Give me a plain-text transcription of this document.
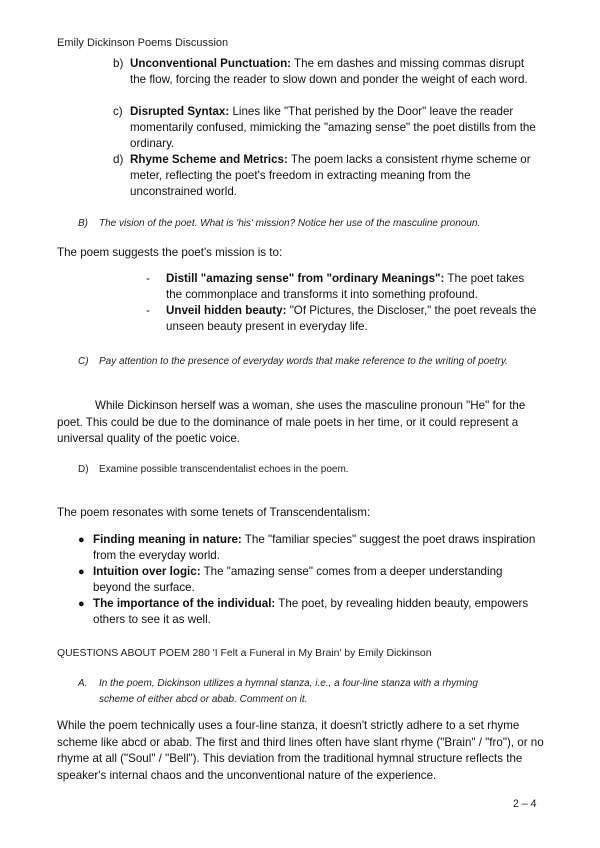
Emily Dickinson Poems Discussion
b) Unconventional Punctuation: The em dashes and missing commas disrupt the flow, forcing the reader to slow down and ponder the weight of each word.
c) Disrupted Syntax: Lines like "That perished by the Door" leave the reader momentarily confused, mimicking the "amazing sense" the poet distills from the ordinary.
d) Rhyme Scheme and Metrics: The poem lacks a consistent rhyme scheme or meter, reflecting the poet's freedom in extracting meaning from the unconstrained world.
B) The vision of the poet. What is 'his' mission? Notice her use of the masculine pronoun.
The poem suggests the poet's mission is to:
- Distill "amazing sense" from "ordinary Meanings": The poet takes the commonplace and transforms it into something profound.
- Unveil hidden beauty: "Of Pictures, the Discloser," the poet reveals the unseen beauty present in everyday life.
C) Pay attention to the presence of everyday words that make reference to the writing of poetry.
While Dickinson herself was a woman, she uses the masculine pronoun "He" for the poet. This could be due to the dominance of male poets in her time, or it could represent a universal quality of the poetic voice.
D) Examine possible transcendentalist echoes in the poem.
The poem resonates with some tenets of Transcendentalism:
● Finding meaning in nature: The "familiar species" suggest the poet draws inspiration from the everyday world.
● Intuition over logic: The "amazing sense" comes from a deeper understanding beyond the surface.
● The importance of the individual: The poet, by revealing hidden beauty, empowers others to see it as well.
QUESTIONS ABOUT POEM 280 'I Felt a Funeral in My Brain' by Emily Dickinson
A. In the poem, Dickinson utilizes a hymnal stanza, i.e., a four-line stanza with a rhyming scheme of either abcd or abab. Comment on it.
While the poem technically uses a four-line stanza, it doesn't strictly adhere to a set rhyme scheme like abcd or abab. The first and third lines often have slant rhyme ("Brain" / "fro"), or no rhyme at all ("Soul" / "Bell"). This deviation from the traditional hymnal structure reflects the speaker's internal chaos and the unconventional nature of the experience.
2 – 4
